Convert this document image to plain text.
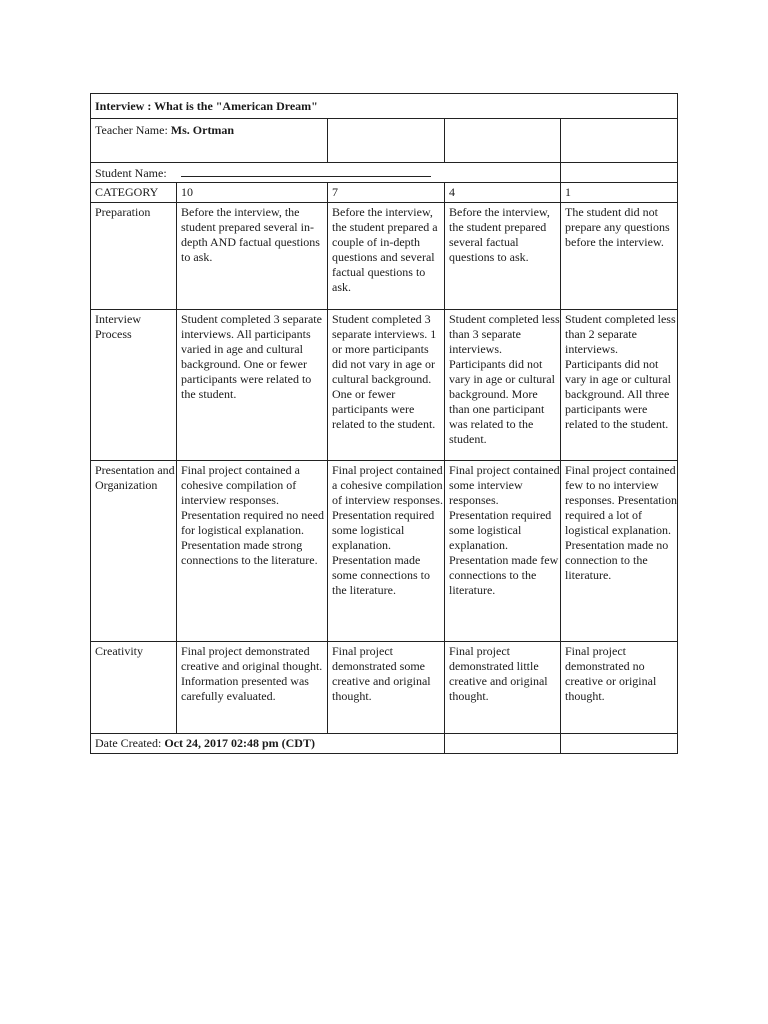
Interview : What is the "American Dream"				
Teacher Name: Ms. Ortman				
Student Name:				
CATEGORY	10	7	4	1
Preparation	Before the interview, the student prepared several in-depth AND factual questions to ask.	Before the interview, the student prepared a couple of in-depth questions and several factual questions to ask.	Before the interview, the student prepared several factual questions to ask.	The student did not prepare any questions before the interview.
Interview Process	Student completed 3 separate interviews. All participants varied in age and cultural background. One or fewer participants were related to the student.	Student completed 3 separate interviews. 1 or more participants did not vary in age or cultural background. One or fewer participants were related to the student.	Student completed less than 3 separate interviews. Participants did not vary in age or cultural background. More than one participant was related to the student.	Student completed less than 2 separate interviews. Participants did not vary in age or cultural background. All three participants were related to the student.
Presentation and Organization	Final project contained a cohesive compilation of interview responses. Presentation required no need for logistical explanation. Presentation made strong connections to the literature.	Final project contained a cohesive compilation of interview responses. Presentation required some logistical explanation. Presentation made some connections to the literature.	Final project contained some interview responses. Presentation required some logistical explanation. Presentation made few connections to the literature.	Final project contained few to no interview responses. Presentation required a lot of logistical explanation. Presentation made no connection to the literature.
Creativity	Final project demonstrated creative and original thought. Information presented was carefully evaluated.	Final project demonstrated some creative and original thought.	Final project demonstrated little creative and original thought.	Final project demonstrated no creative or original thought.
Date Created: Oct 24, 2017 02:48 pm (CDT)				
